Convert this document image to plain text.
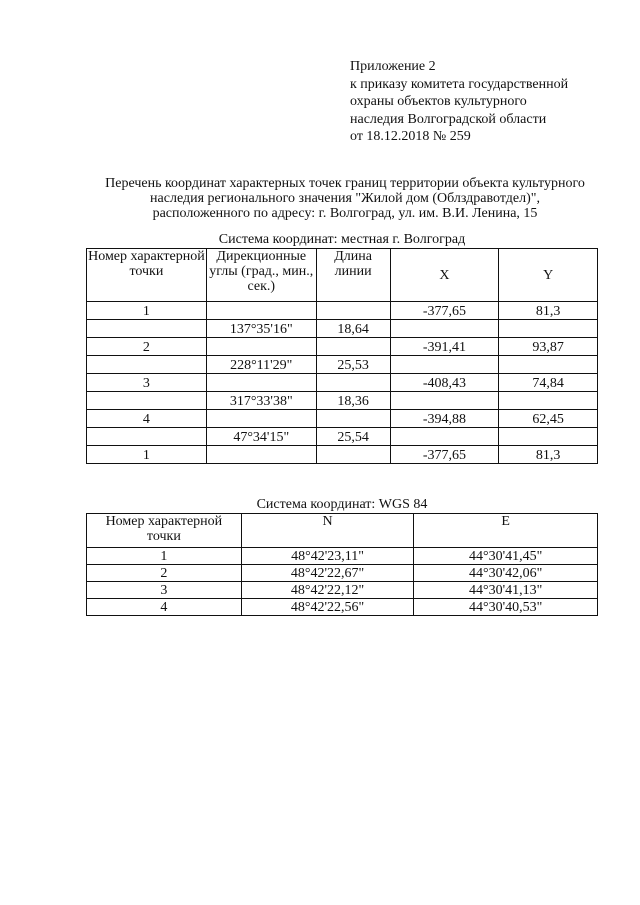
Приложение 2
к приказу комитета государственной
охраны объектов культурного
наследия Волгоградской области
от 18.12.2018 № 259
Перечень координат характерных точек границ территории объекта культурного
наследия регионального значения "Жилой дом (Облздравотдел)",
расположенного по адресу: г. Волгоград, ул. им. В.И. Ленина, 15
Система координат: местная г. Волгоград
Номер характерной точки	Дирекционные углы (град., мин., сек.)	Длина линии	X	Y
1			-377,65	81,3
	137°35'16"	18,64		
2			-391,41	93,87
	228°11'29"	25,53		
3			-408,43	74,84
	317°33'38"	18,36		
4			-394,88	62,45
	47°34'15"	25,54		
1			-377,65	81,3
Система координат: WGS 84
Номер характерной точки	N	E
1	48°42'23,11"	44°30'41,45"
2	48°42'22,67"	44°30'42,06"
3	48°42'22,12"	44°30'41,13"
4	48°42'22,56"	44°30'40,53"
